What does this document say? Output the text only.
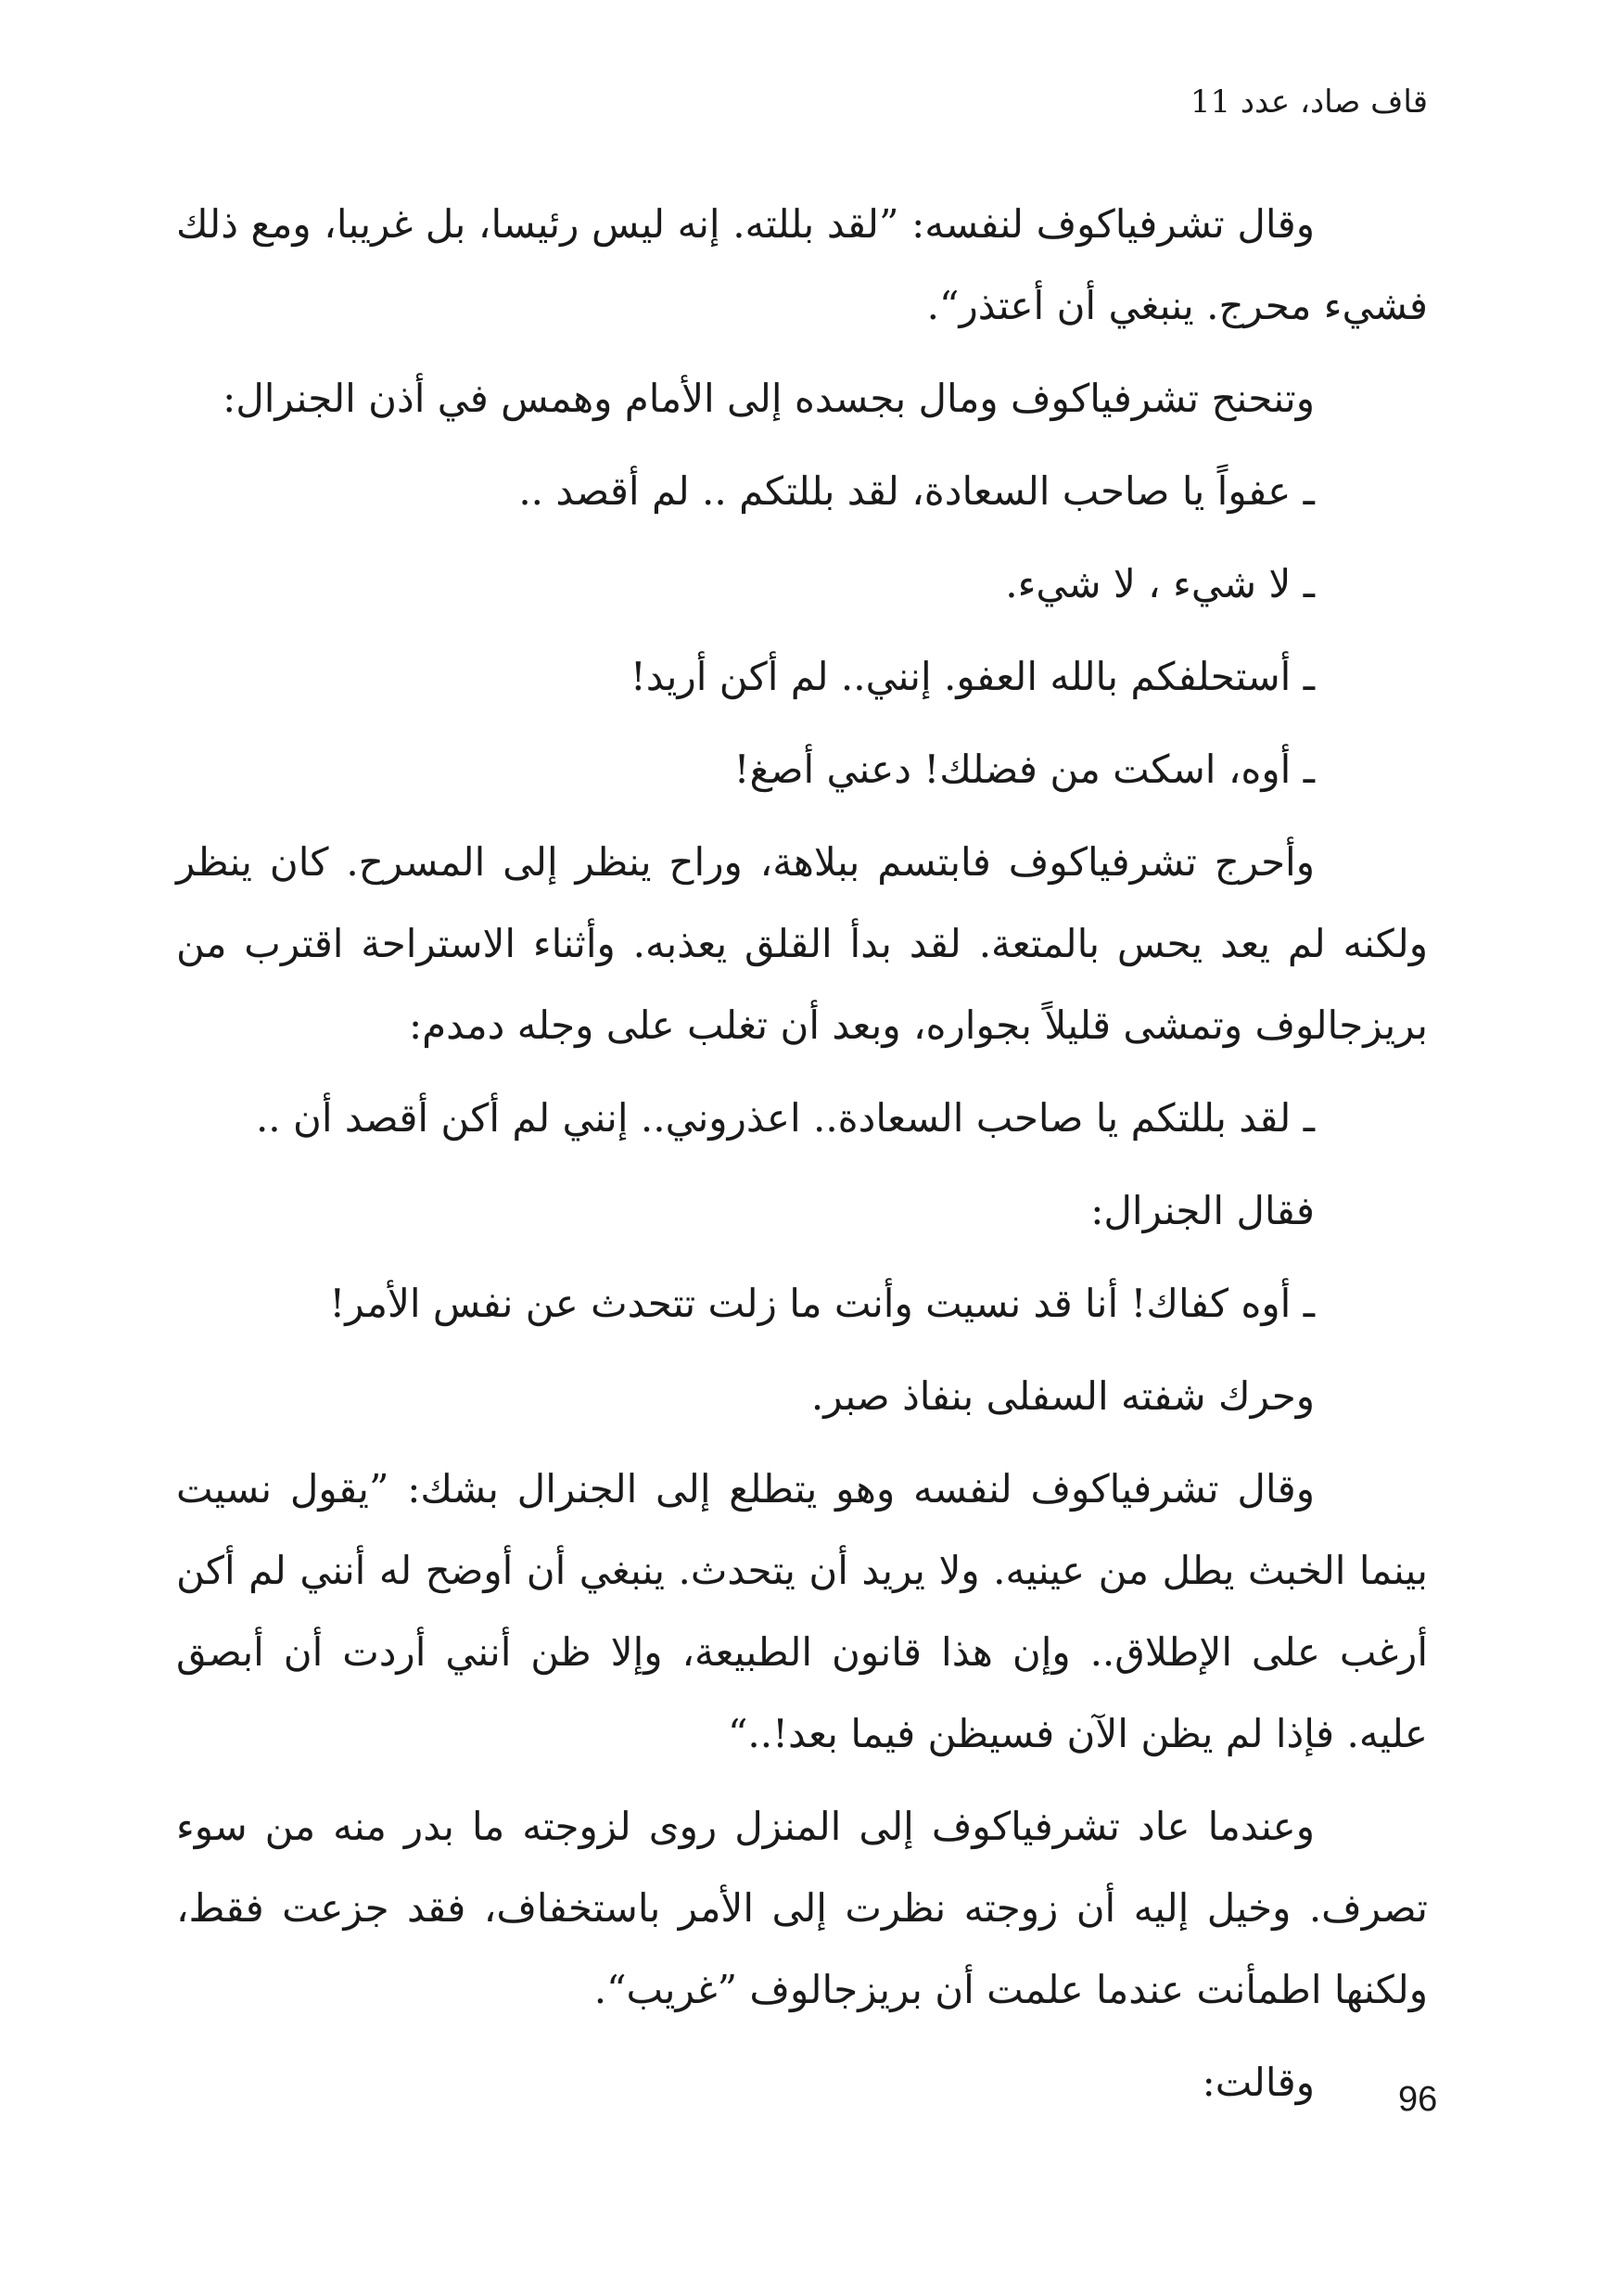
قاف صاد، عدد 11

وقال تشرفياكوف لنفسه: ”لقد بللته. إنه ليس رئيسا، بل غريبا، ومع ذلك فشيء محرج. ينبغي أن أعتذر“.

وتنحنح تشرفياكوف ومال بجسده إلى الأمام وهمس في أذن الجنرال:

ـ عفواً يا صاحب السعادة، لقد بللتكم .. لم أقصد ..

ـ لا شيء ، لا شيء.

ـ أستحلفكم بالله العفو. إنني.. لم أكن أريد!

ـ أوه، اسكت من فضلك! دعني أصغ!

وأحرج تشرفياكوف فابتسم ببلاهة، وراح ينظر إلى المسرح. كان ينظر ولكنه لم يعد يحس بالمتعة. لقد بدأ القلق يعذبه. وأثناء الاستراحة اقترب من بريزجالوف وتمشى قليلاً بجواره، وبعد أن تغلب على وجله دمدم:

ـ لقد بللتكم يا صاحب السعادة.. اعذروني.. إنني لم أكن أقصد أن ..

فقال الجنرال:

ـ أوه كفاك! أنا قد نسيت وأنت ما زلت تتحدث عن نفس الأمر!

وحرك شفته السفلى بنفاذ صبر.

وقال تشرفياكوف لنفسه وهو يتطلع إلى الجنرال بشك: ”يقول نسيت بينما الخبث يطل من عينيه. ولا يريد أن يتحدث. ينبغي أن أوضح له أنني لم أكن أرغب على الإطلاق.. وإن هذا قانون الطبيعة، وإلا ظن أنني أردت أن أبصق عليه. فإذا لم يظن الآن فسيظن فيما بعد!..“

وعندما عاد تشرفياكوف إلى المنزل روى لزوجته ما بدر منه من سوء تصرف. وخيل إليه أن زوجته نظرت إلى الأمر باستخفاف، فقد جزعت فقط، ولكنها اطمأنت عندما علمت أن بريزجالوف ”غريب“.

وقالت:	96
